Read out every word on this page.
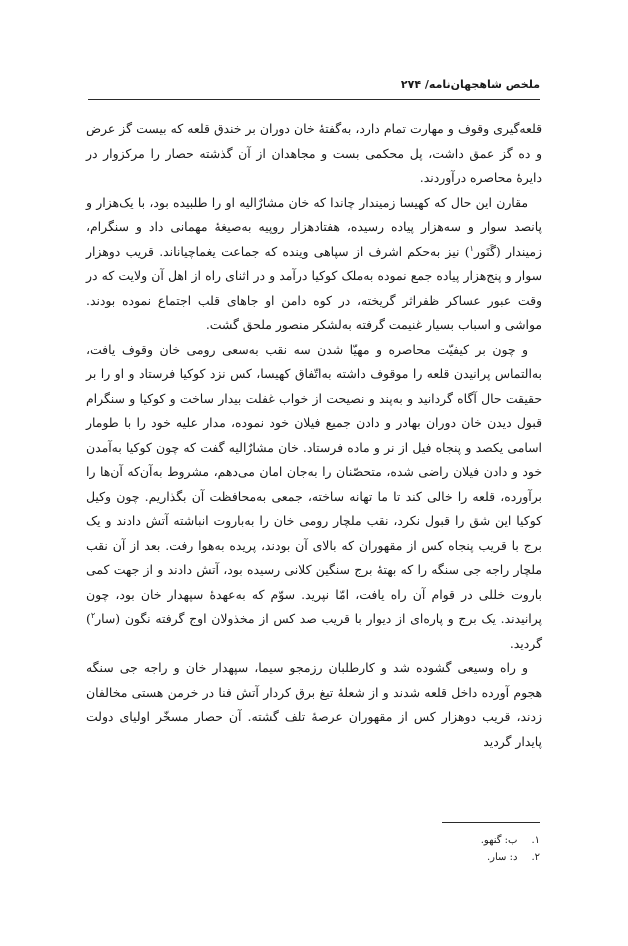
ملخص شاهجهان‌نامه/ ۲۷۴

قلعه‌گیری وقوف و مهارت تمام دارد، به‌گفتهٔ خان دوران بر خندق قلعه که بیست گز عرض و ده گز عمق داشت، پل محکمی بست و مجاهدان از آن گذشته حصار را مرکزوار در دایرهٔ محاصره درآوردند.

مقارن این حال که کهیسا زمیندار چاندا که خان مشارٌالیه او را طلبیده بود، با یک‌هزار و پانصد سوار و سه‌هزار پیاده رسیده، هفتادهزار روپیه به‌صیغهٔ مهمانی داد و سنگرام، زمیندار (گَنَور$^۱$) نیز به‌حکم اشرف از سپاهی وینده که جماعت یغماچیاناند. قریب دوهزار سوار و پنج‌هزار پیاده جمع نموده به‌ملک کوکیا درآمد و در اثنای راه از اهل آن ولایت که در وقت عبور عساکر ظفراثر گریخته، در کوه دامن او جاهای قلب اجتماع نموده بودند. مواشی و اسباب بسیار غنیمت گرفته به‌لشکر منصور ملحق گشت.

و چون بر کیفیّت محاصره و مهیّا شدن سه نقب به‌سعی رومی خان وقوف یافت، به‌التماس پرانیدن قلعه را موقوف داشته به‌اتّفاق کهیسا، کس نزد کوکیا فرستاد و او را بر حقیقت حال آگاه گردانید و به‌پند و نصیحت از خواب غفلت بیدار ساخت و کوکیا و سنگرام قبول دیدن خان دوران بهادر و دادن جمیع فیلان خود نموده، مدار علیه خود را با طومار اسامی یکصد و پنجاه فیل از نر و ماده فرستاد. خان مشارٌالیه گفت که چون کوکیا به‌آمدن خود و دادن فیلان راضی شده، متحصّنان را به‌جان امان می‌دهم، مشروط به‌آن‌که آن‌ها را برآورده، قلعه را خالی کند تا ما تهانه ساخته، جمعی به‌محافظت آن بگذاریم. چون وکیل کوکیا این شق را قبول نکرد، نقب ملچار رومی خان را به‌باروت انباشته آتش دادند و یک برج با قریب پنجاه کس از مقهوران که بالای آن بودند، پریده به‌هوا رفت. بعد از آن نقب ملچار راجه جی سنگه را که بهتهٔ برج سنگین کلانی رسیده بود، آتش دادند و از جهت کمی باروت خللی در قوام آن راه یافت، امّا نپرید. سوّم که به‌عهدهٔ سپهدار خان بود، چون پرانیدند. یک برج و پاره‌ای از دیوار با قریب صد کس از مخذولان اوج گرفته نگون (سار$^۲$) گردید.

و راه وسیعی گشوده شد و کارطلبان رزمجو سیما، سپهدار خان و راجه جی سنگه هجوم آورده داخل قلعه شدند و از شعلهٔ تیغ برق کردار آتش فنا در خرمن هستی مخالفان زدند، قریب دوهزار کس از مقهوران عرصهٔ تلف گشته. آن حصار مسخّر اولیای دولت پایدار گردید

۱.ب: گنهو.
۲.د: سار.
